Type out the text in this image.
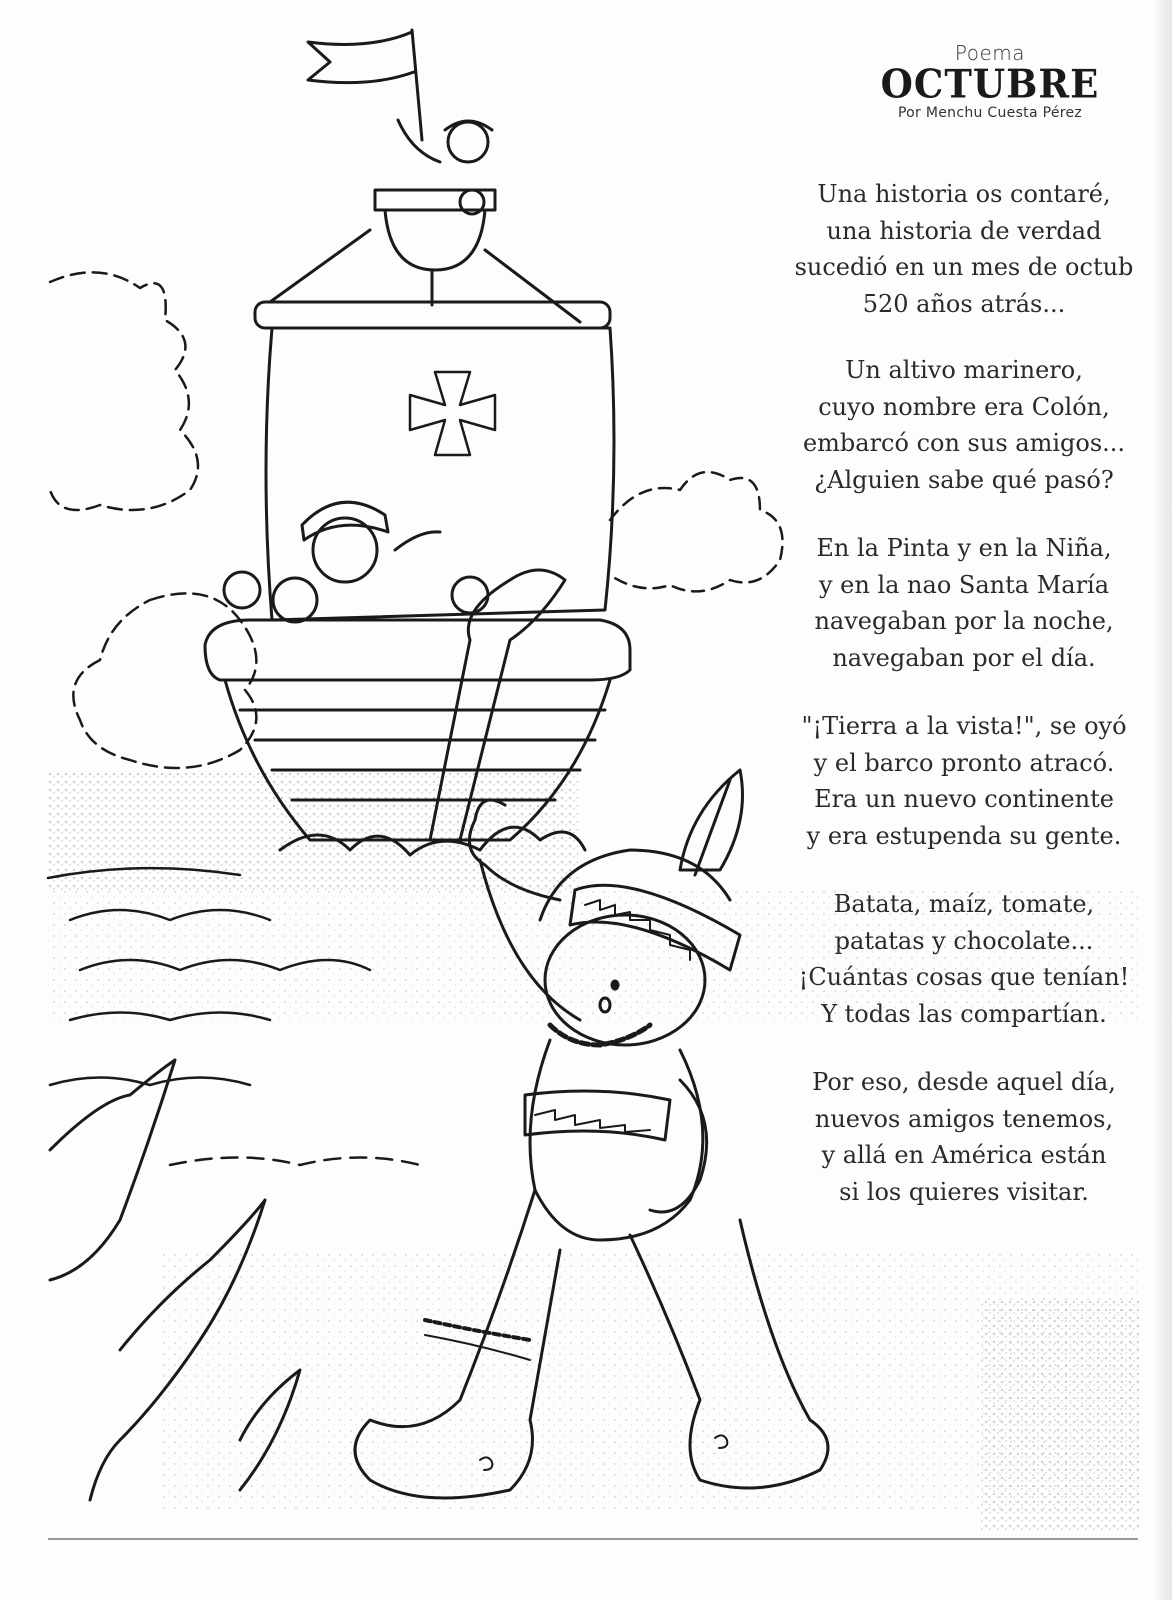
Poema
OCTUBRE
Por Menchu Cuesta Pérez
Una historia os contaré,
una historia de verdad
sucedió en un mes de octub
520 años atrás...
Un altivo marinero,
cuyo nombre era Colón,
embarcó con sus amigos...
¿Alguien sabe qué pasó?
En la Pinta y en la Niña,
y en la nao Santa María
navegaban por la noche,
navegaban por el día.
"¡Tierra a la vista!", se oyó
y el barco pronto atracó.
Era un nuevo continente
y era estupenda su gente.
Batata, maíz, tomate,
patatas y chocolate...
¡Cuántas cosas que tenían!
Y todas las compartían.
Por eso, desde aquel día,
nuevos amigos tenemos,
y allá en América están
si los quieres visitar.
